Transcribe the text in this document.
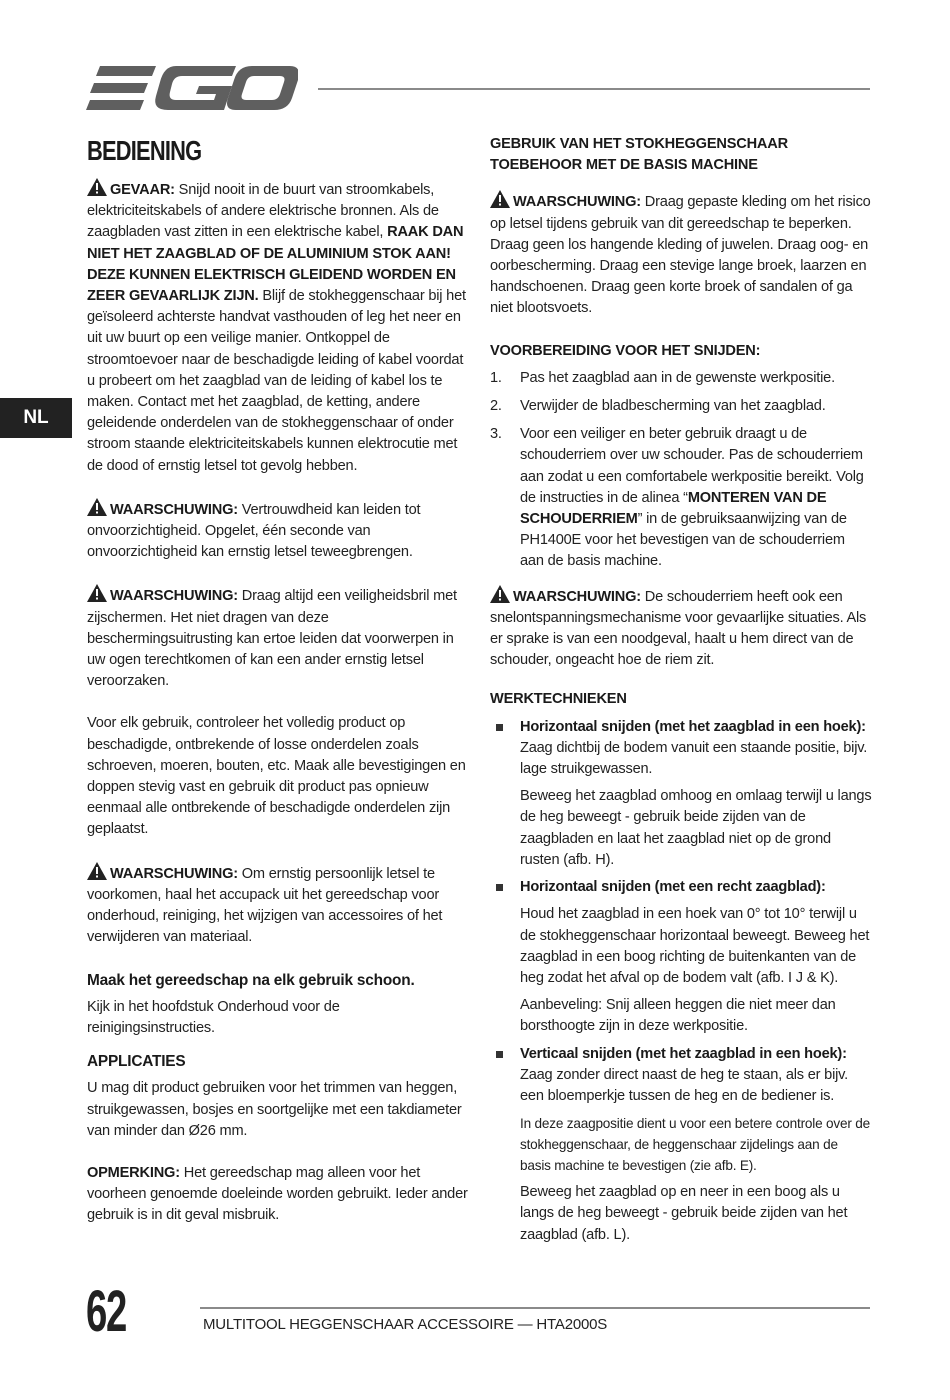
NL
BEDIENING

GEVAAR: Snijd nooit in de buurt van stroomkabels, elektriciteitskabels of andere elektrische bronnen. Als de zaagbladen vast zitten in een elektrische kabel, RAAK DAN NIET HET ZAAGBLAD OF DE ALUMINIUM STOK AAN! DEZE KUNNEN ELEKTRISCH GLEIDEND WORDEN EN ZEER GEVAARLIJK ZIJN. Blijf de stokheggenschaar bij het geïsoleerd achterste handvat vasthouden of leg het neer en uit uw buurt op een veilige manier. Ontkoppel de stroomtoevoer naar de beschadigde leiding of kabel voordat u probeert om het zaagblad van de leiding of kabel los te maken. Contact met het zaagblad, de ketting, andere geleidende onderdelen van de stokheggenschaar of onder stroom staande elektriciteitskabels kunnen elektrocutie met de dood of ernstig letsel tot gevolg hebben.

WAARSCHUWING: Vertrouwdheid kan leiden tot onvoorzichtigheid. Opgelet, één seconde van onvoorzichtigheid kan ernstig letsel teweegbrengen.

WAARSCHUWING: Draag altijd een veiligheidsbril met zijschermen. Het niet dragen van deze beschermingsuitrusting kan ertoe leiden dat voorwerpen in uw ogen terechtkomen of kan een ander ernstig letsel veroorzaken.

Voor elk gebruik, controleer het volledig product op beschadigde, ontbrekende of losse onderdelen zoals schroeven, moeren, bouten, etc. Maak alle bevestigingen en doppen stevig vast en gebruik dit product pas opnieuw eenmaal alle ontbrekende of beschadigde onderdelen zijn geplaatst.

WAARSCHUWING: Om ernstig persoonlijk letsel te voorkomen, haal het accupack uit het gereedschap voor onderhoud, reiniging, het wijzigen van accessoires of het verwijderen van materiaal.

Maak het gereedschap na elk gebruik schoon.

Kijk in het hoofdstuk Onderhoud voor de reinigingsinstructies.

APPLICATIES

U mag dit product gebruiken voor het trimmen van heggen, struikgewassen, bosjes en soortgelijke met een takdiameter van minder dan Ø26 mm.

OPMERKING: Het gereedschap mag alleen voor het voorheen genoemde doeleinde worden gebruikt. Ieder ander gebruik is in dit geval misbruik.

GEBRUIK VAN HET STOKHEGGENSCHAAR TOEBEHOOR MET DE BASIS MACHINE

WAARSCHUWING: Draag gepaste kleding om het risico op letsel tijdens gebruik van dit gereedschap te beperken. Draag geen los hangende kleding of juwelen. Draag oog- en oorbescherming. Draag een stevige lange broek, laarzen en handschoenen. Draag geen korte broek of sandalen of ga niet blootsvoets.

VOORBEREIDING VOOR HET SNIJDEN:
1. Pas het zaagblad aan in de gewenste werkpositie.
2. Verwijder de bladbescherming van het zaagblad.
3. Voor een veiliger en beter gebruik draagt u de schouderriem over uw schouder. Pas de schouderriem aan zodat u een comfortabele werkpositie bereikt. Volg de instructies in de alinea “MONTEREN VAN DE SCHOUDERRIEM” in de gebruiksaanwijzing van de PH1400E voor het bevestigen van de schouderriem aan de basis machine.

WAARSCHUWING: De schouderriem heeft ook een snelontspanningsmechanisme voor gevaarlijke situaties. Als er sprake is van een noodgeval, haalt u hem direct van de schouder, ongeacht hoe de riem zit.

WERKTECHNIEKEN
Horizontaal snijden (met het zaagblad in een hoek): Zaag dichtbij de bodem vanuit een staande positie, bijv. lage struikgewassen.

Beweeg het zaagblad omhoog en omlaag terwijl u langs de heg beweegt - gebruik beide zijden van de zaagbladen en laat het zaagblad niet op de grond rusten (afb. H).

Horizontaal snijden (met een recht zaagblad):

Houd het zaagblad in een hoek van 0° tot 10° terwijl u de stokheggenschaar horizontaal beweegt. Beweeg het zaagblad in een boog richting de buitenkanten van de heg zodat het afval op de bodem valt (afb. I J & K).

Aanbeveling: Snij alleen heggen die niet meer dan borsthoogte zijn in deze werkpositie.

Verticaal snijden (met het zaagblad in een hoek): Zaag zonder direct naast de heg te staan, als er bijv. een bloemperkje tussen de heg en de bediener is.

In deze zaagpositie dient u voor een betere controle over de stokheggenschaar, de heggenschaar zijdelings aan de basis machine te bevestigen (zie afb. E).

Beweeg het zaagblad op en neer in een boog als u langs de heg beweegt - gebruik beide zijden van het zaagblad (afb. L).

62	MULTITOOL HEGGENSCHAAR ACCESSOIRE — HTA2000S
